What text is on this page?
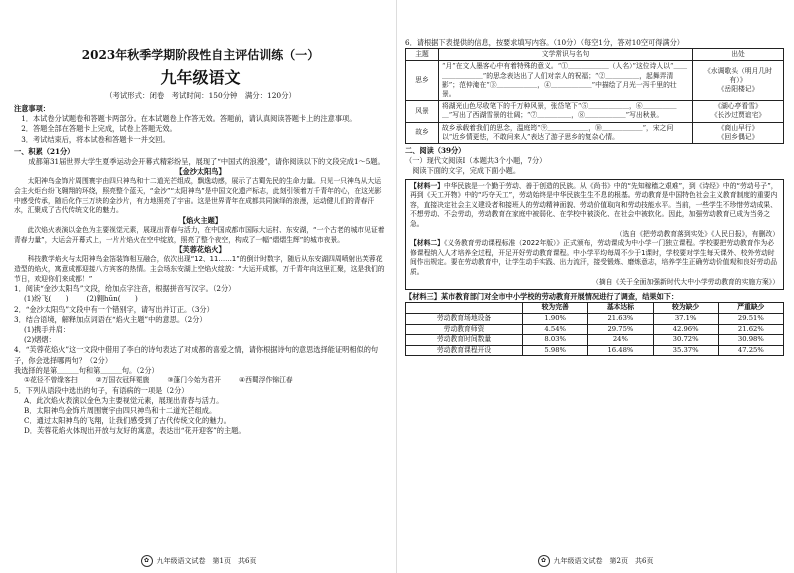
2023年秋季学期阶段性自主评估训练（一）
九年级语文
（考试形式：闭卷　考试时间：150分钟　满分：120分）
注意事项：
1．本试卷分试题卷和答题卡两部分。在本试题卷上作答无效。答题前，请认真阅读答题卡上的注意事项。
2．答题全部在答题卡上完成，试卷上答题无效。
3．考试结束后，将本试卷和答题卡一并交回。
一、积累（21分）
成都第31届世界大学生夏季运动会开幕式精彩纷呈，展现了“中国式的浪漫”，请你阅读以下的文段完成1～5题。
【金沙太阳鸟】
太阳神鸟金饰片周围寰宇由四只神鸟和十二道光芒组成，飘逸动感，展示了古蜀先民的生命力量。只见一只神鸟从大运会主火炬台纷飞翱翔的环绕，照亮整个蓝天，“金沙”“太阳神鸟”是中国文化遗产标志，此刻引领着万千青年的心，在这光影中感受传承，随后化作三万块的金沙片，有力地照亮了宇宙。这是世界青年在成都共同演绎的浪漫，运动健儿们的青春汗水，汇聚成了古代传统文化的魅力。
【焰火主题】
此次焰火表演以金色为主要视觉元素，展现出青春与活力，在中国成都市国际大运村、东安湖，“一个古老的城市见证着青春力量”，大运会开幕式上，一片片焰火在空中绽放，照亮了整个夜空，构成了一幅“熠熠生辉”的城市夜景。
【芙蓉花焰火】
科技教学焰火与太阳神鸟金箔装饰相互融合，依次出现“12、11……1”的倒计时数字，随后从东安湖四周喷射出芙蓉花造型的焰火，寓意成都迎接八方宾客的热情。主会场东安湖上空焰火绽放：“大运开成都，万千青年向这里汇聚，这是我们的节日，欢迎你们来成都！”
1．阅读“金沙太阳鸟”文段，给加点字注音，根据拼音写汉字。（2分）
(1)纷飞(　　)	(2)翱hūn(　　)
2．“金沙太阳鸟”文段中有一个错别字，请写出并订正。（3分）
3．结合语境，解释加点词语在“焰火主题”中的意思。（2分）
(1)携手并肩：
(2)熠熠：
4．“芙蓉花焰火”这一文段中借用了李白的诗句表达了对成都的喜爱之情，请你根据诗句的意思选择能证明相似的句子，你会选择哪两句？（2分）
我选择的是第＿＿＿句和第＿＿＿句。（2分）
①花径不曾缘客扫	②万国衣冠拜冕旒	③蓬门今始为君开	④西蜀浮作锦江春
5．下列从语段中选出的句子，有语病的一项是（2分）
A．此次焰火表演以金色为主要视觉元素，展现出青春与活力。
B．太阳神鸟金饰片周围寰宇由四只神鸟和十二道光芒组成。
C．通过太阳神鸟的飞翔，让我们感受到了古代传统文化的魅力。
D．芙蓉花焰火体现出开放与友好的寓意，表达出“花开迎客”的主题。
✿ 九年级语文试卷　第1页　共6页
6．请根据下表提供的信息，按要求填写内容。（10分）（每空1分，答对10空可得满分）
主题	文学常识与名句	出处
思乡	“月”在文人墨客心中有着特殊的意义。“①＿＿＿＿＿＿（人名）”这位诗人以“＿＿＿＿＿＿＿＿”的思念表达出了人们对亲人的祝福；“②＿＿＿＿＿，起舞弄清影”；范仲淹在“③＿＿＿＿＿＿，④＿＿＿＿＿＿”中描绘了月光一泻千里的壮景。	《水调歌头（明月几时有）》
《岳阳楼记》
风景	将湖光山色尽收笔下的千万种风景，张岱笔下“⑤＿＿＿＿＿＿，⑥＿＿＿＿＿＿”写出了西湖雪景的壮阔；“⑦＿＿＿＿＿，⑧＿＿＿＿＿＿”写出秋景。	《湖心亭看雪》
《长沙过贾谊宅》
故乡	故乡承载着我们的思念，温庭筠“⑨＿＿＿＿＿＿，⑩＿＿＿＿＿＿”，宋之问以“近乡情更怯，不敢问来人”表达了游子思乡的复杂心情。	《商山早行》
《回乡偶记》
二、阅读（39分）
（一）现代文阅读Ⅰ（本题共3个小题，7分）
阅读下面的文字，完成下面小题。
【材料一】中华民族是一个勤于劳动、善于创造的民族。从《尚书》中的“先知稼穑之艰难”，到《诗经》中的“劳动号子”，再到《天工开物》中的“巧夺天工”，劳动始终是中华民族生生不息的根基。劳动教育是中国特色社会主义教育制度的重要内容，直接决定社会主义建设者和接班人的劳动精神面貌、劳动价值取向和劳动技能水平。当前，一些学生不珍惜劳动成果、不想劳动、不会劳动，劳动教育在家庭中被弱化、在学校中被淡化、在社会中被软化。因此，加强劳动教育已成为当务之急。
（选自《把劳动教育落到实处》《人民日报》，有删改）
【材料二】《义务教育劳动课程标准（2022年版）》正式颁布，劳动课成为中小学一门独立课程。学校要把劳动教育作为必修课程纳入人才培养全过程，开足开好劳动教育课程。中小学平均每周不少于1课时，学校要对学生每天课外、校外劳动时间作出规定。要在劳动教育中，让学生动手实践、出力流汗，接受锻炼、磨炼意志，培养学生正确劳动价值观和良好劳动品质。
（摘自《关于全面加强新时代大中小学劳动教育的实施方案》）
【材料三】某市教育部门对全市中小学校的劳动教育开展情况进行了调查，结果如下：
	较为完善	基本达标	较为缺少	严重缺少
劳动教育场地设备	1.90%	21.63%	37.1%	29.51%
劳动教育师资	4.54%	29.75%	42.96%	21.62%
劳动教育时间数量	8.03%	24%	30.72%	30.98%
劳动教育课程开设	5.98%	16.48%	35.37%	47.25%
✿ 九年级语文试卷　第2页　共6页
